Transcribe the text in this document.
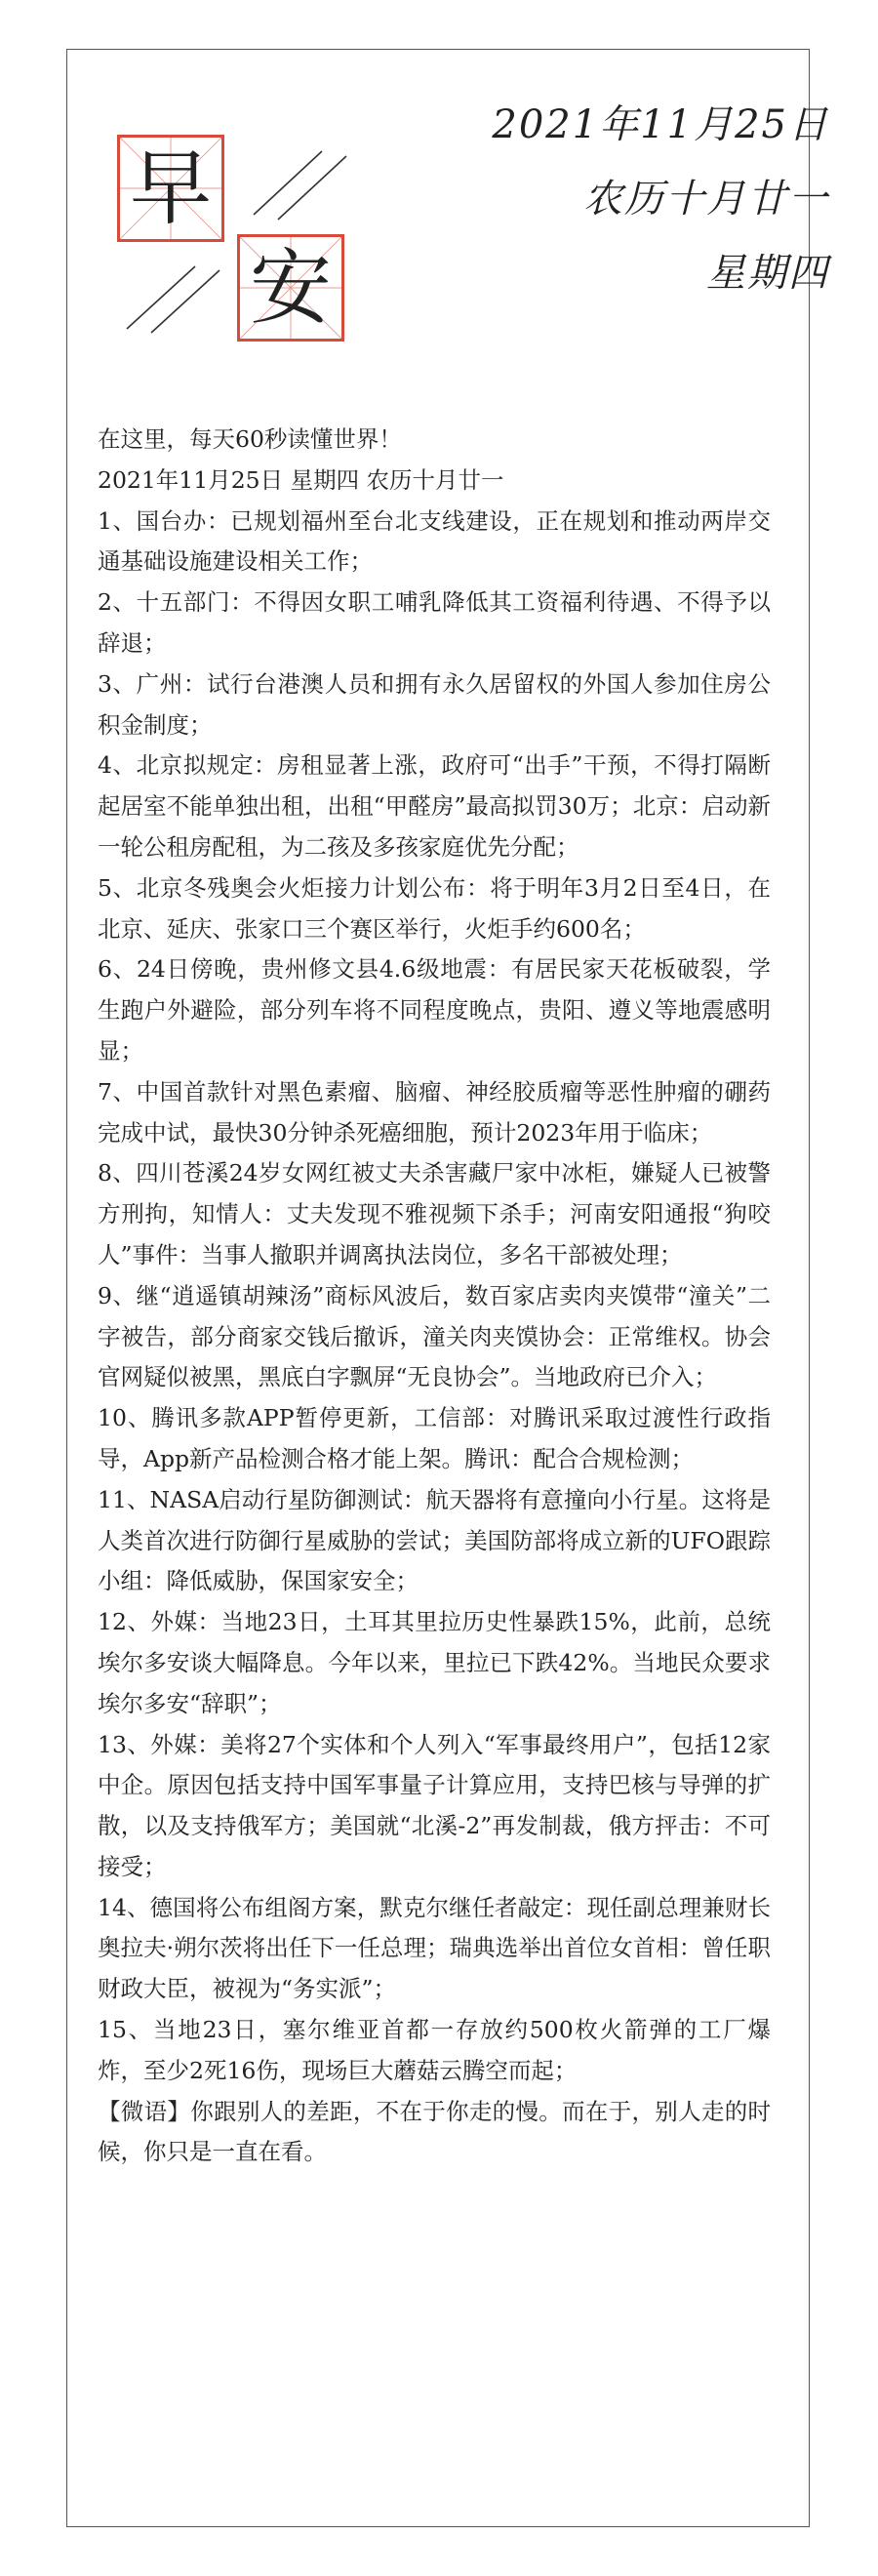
早
安
2021年11月25日
农历十月廿一
星期四

在这里，每天60秒读懂世界！

2021年11月25日 星期四 农历十月廿一

1、国台办：已规划福州至台北支线建设，正在规划和推动两岸交通基础设施建设相关工作；

2、十五部门：不得因女职工哺乳降低其工资福利待遇、不得予以辞退；

3、广州：试行台港澳人员和拥有永久居留权的外国人参加住房公积金制度；

4、北京拟规定：房租显著上涨，政府可“出手”干预，不得打隔断起居室不能单独出租，出租“甲醛房”最高拟罚30万；北京：启动新一轮公租房配租，为二孩及多孩家庭优先分配；

5、北京冬残奥会火炬接力计划公布：将于明年3月2日至4日，在北京、延庆、张家口三个赛区举行，火炬手约600名；

6、24日傍晚，贵州修文县4.6级地震：有居民家天花板破裂，学生跑户外避险，部分列车将不同程度晚点，贵阳、遵义等地震感明显；

7、中国首款针对黑色素瘤、脑瘤、神经胶质瘤等恶性肿瘤的硼药完成中试，最快30分钟杀死癌细胞，预计2023年用于临床；

8、四川苍溪24岁女网红被丈夫杀害藏尸家中冰柜，嫌疑人已被警方刑拘，知情人：丈夫发现不雅视频下杀手；河南安阳通报“狗咬人”事件：当事人撤职并调离执法岗位，多名干部被处理；

9、继“逍遥镇胡辣汤”商标风波后，数百家店卖肉夹馍带“潼关”二字被告，部分商家交钱后撤诉，潼关肉夹馍协会：正常维权。协会官网疑似被黑，黑底白字飘屏“无良协会”。当地政府已介入；

10、腾讯多款APP暂停更新，工信部：对腾讯采取过渡性行政指导，App新产品检测合格才能上架。腾讯：配合合规检测；

11、NASA启动行星防御测试：航天器将有意撞向小行星。这将是人类首次进行防御行星威胁的尝试；美国防部将成立新的UFO跟踪小组：降低威胁，保国家安全；

12、外媒：当地23日，土耳其里拉历史性暴跌15%，此前，总统埃尔多安谈大幅降息。今年以来，里拉已下跌42%。当地民众要求埃尔多安“辞职”；

13、外媒：美将27个实体和个人列入“军事最终用户”，包括12家中企。原因包括支持中国军事量子计算应用，支持巴核与导弹的扩散，以及支持俄军方；美国就“北溪-2”再发制裁，俄方抨击：不可接受；

14、德国将公布组阁方案，默克尔继任者敲定：现任副总理兼财长奥拉夫·朔尔茨将出任下一任总理；瑞典选举出首位女首相：曾任职财政大臣，被视为“务实派”；

15、当地23日，塞尔维亚首都一存放约500枚火箭弹的工厂爆炸，至少2死16伤，现场巨大蘑菇云腾空而起；

【微语】你跟别人的差距，不在于你走的慢。而在于，别人走的时候，你只是一直在看。
